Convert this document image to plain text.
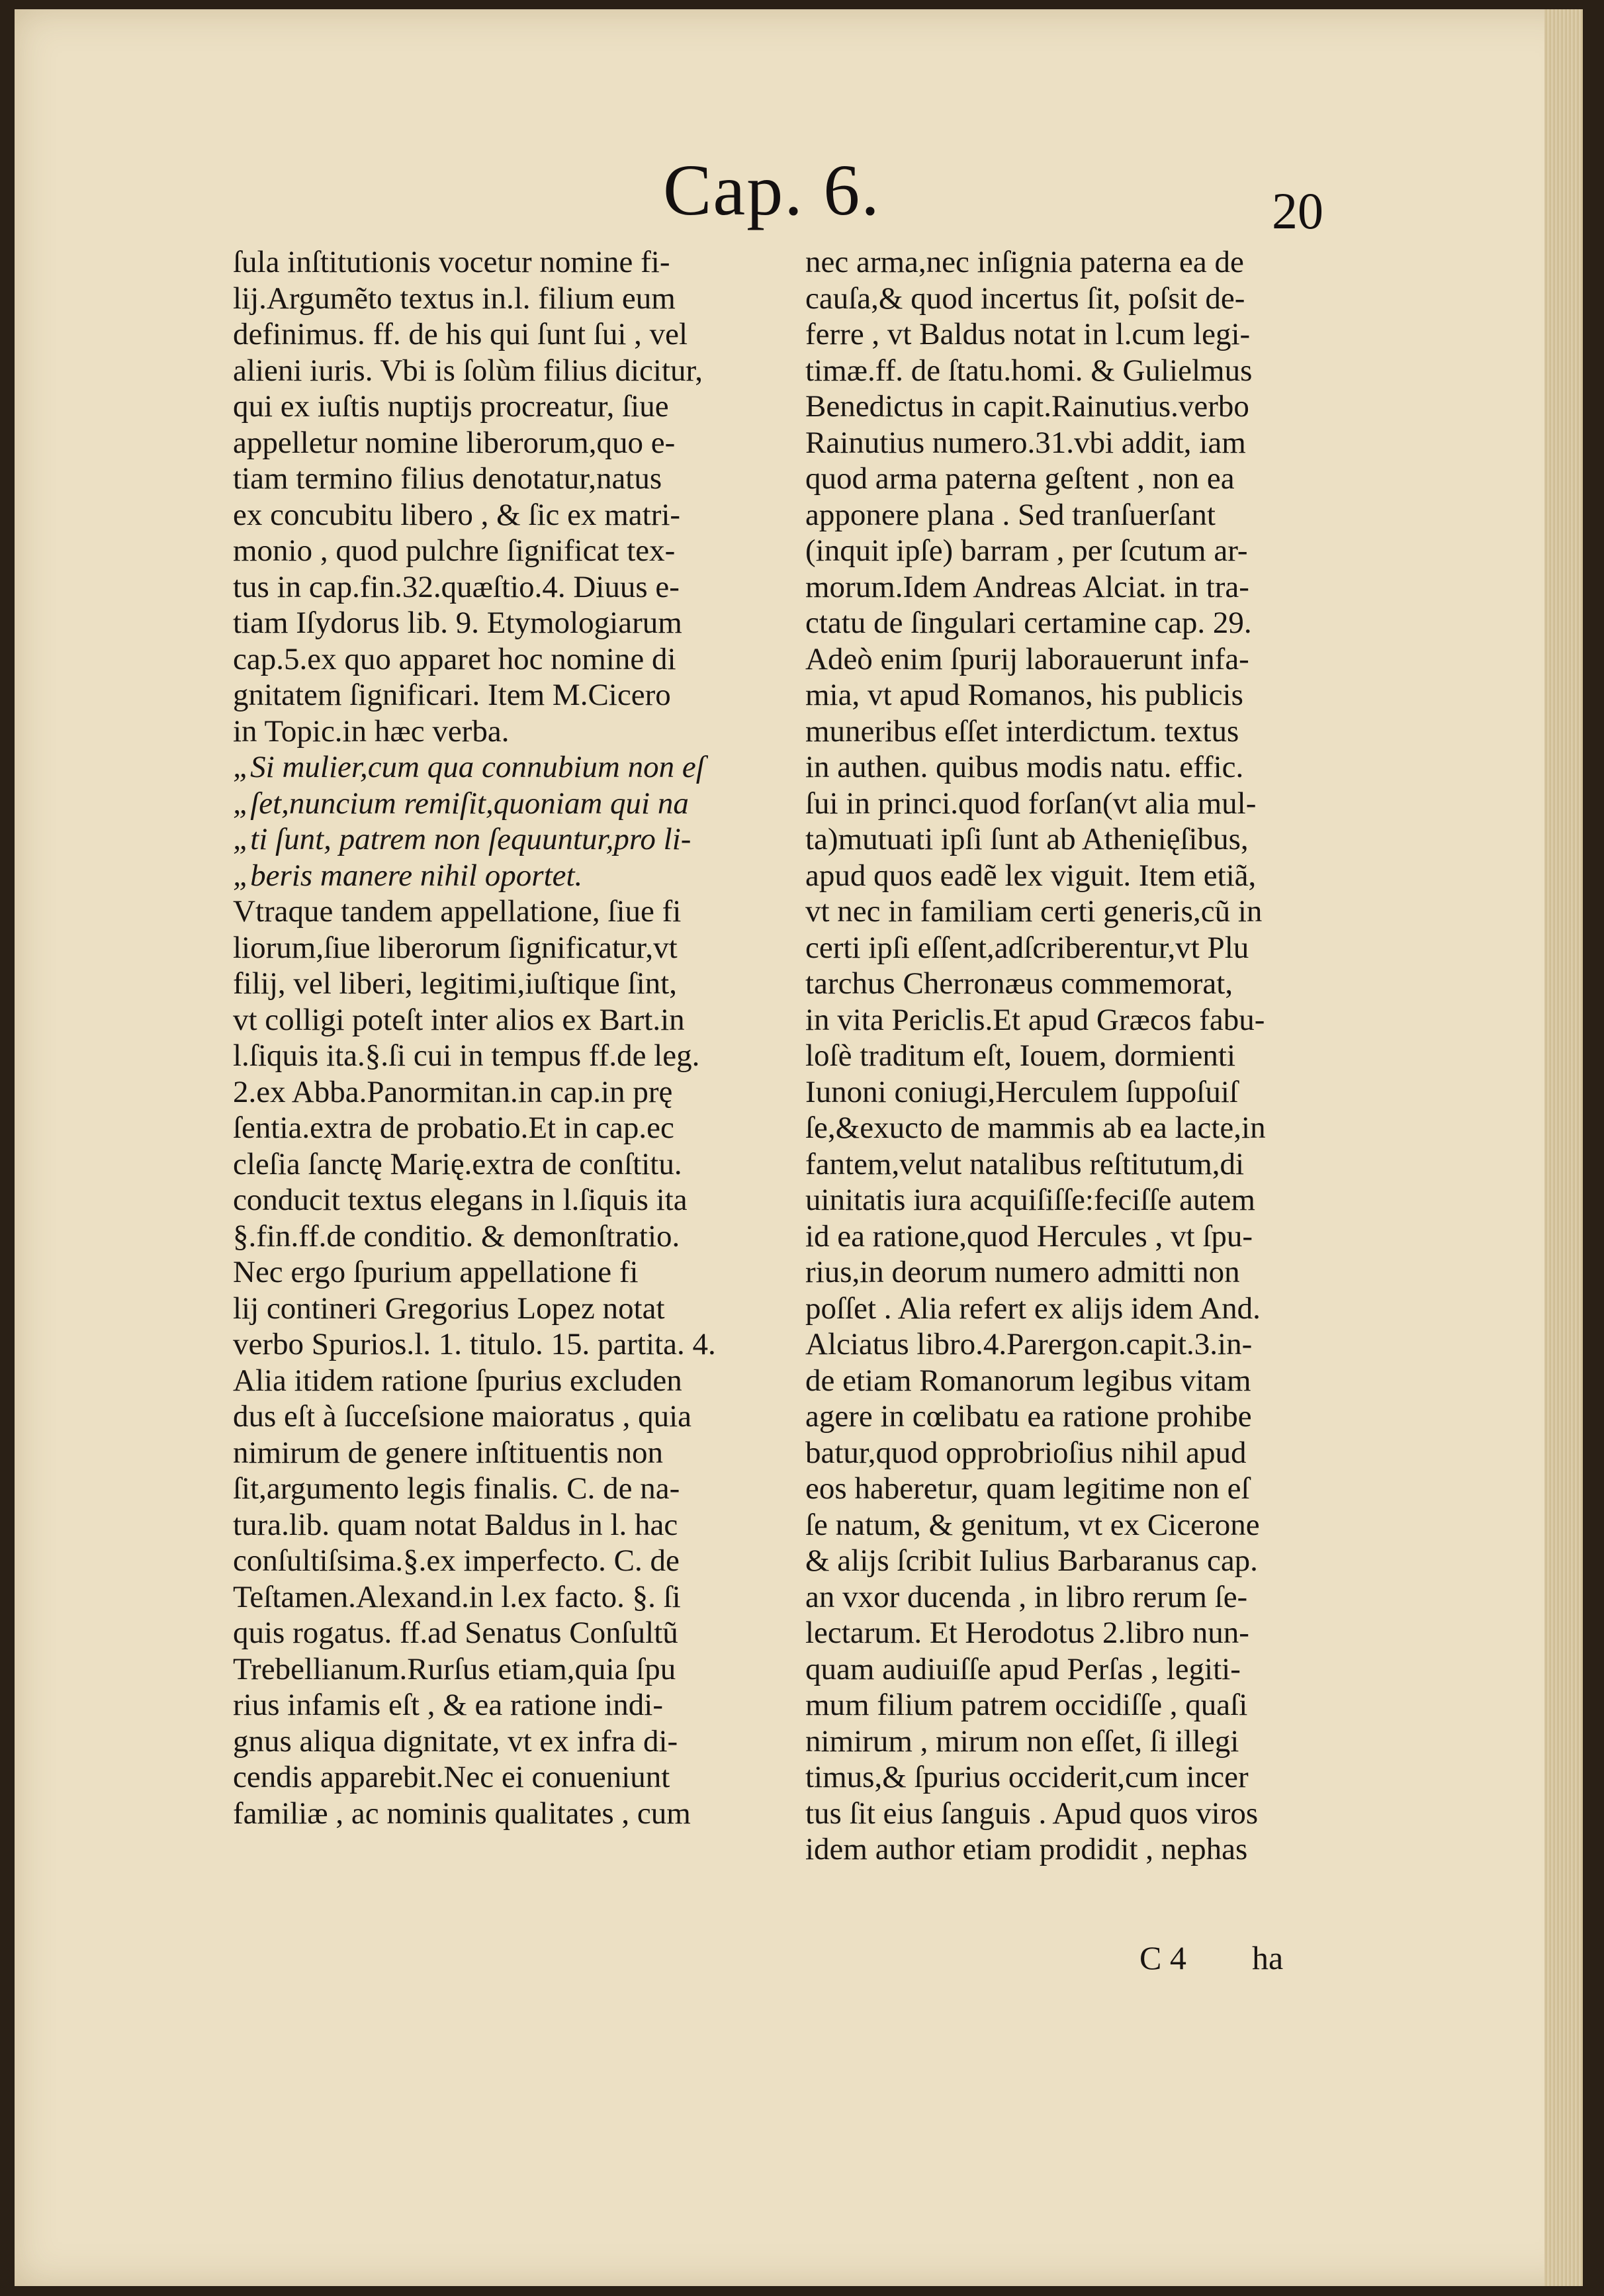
Cap. 6.	20
ſula inſtitutionis vocetur nomine fi-
lij.Argumẽto textus in.l. filium eum
definimus. ff. de his qui ſunt ſui , vel
alieni iuris. Vbi is ſolùm filius dicitur,
qui ex iuſtis nuptijs procreatur, ſiue
appelletur nomine liberorum,quo e-
tiam termino filius denotatur,natus
ex concubitu libero , & ſic ex matri-
monio , quod pulchre ſignificat tex-
tus in cap.fin.32.quæſtio.4. Diuus e-
tiam Iſydorus lib. 9. Etymologiarum
cap.5.ex quo apparet hoc nomine di
gnitatem ſignificari. Item M.Cicero
in Topic.in hæc verba.
„Si mulier,cum qua connubium non eſ
„ſet,nuncium remiſit,quoniam qui na
„ti ſunt, patrem non ſequuntur,pro li-
„beris manere nihil oportet.
Vtraque tandem appellatione, ſiue fi
liorum,ſiue liberorum ſignificatur,vt
filij, vel liberi, legitimi,iuſtique ſint,
vt colligi poteſt inter alios ex Bart.in
l.ſiquis ita.§.ſi cui in tempus ff.de leg.
2.ex Abba.Panormitan.in cap.in prę
ſentia.extra de probatio.Et in cap.ec
cleſia ſanctę Marię.extra de conſtitu.
conducit textus elegans in l.ſiquis ita
§.fin.ff.de conditio. & demonſtratio.
Nec ergo ſpurium appellatione fi
lij contineri Gregorius Lopez notat
verbo Spurios.l. 1. titulo. 15. partita. 4.
Alia itidem ratione ſpurius excluden
dus eſt à ſucceſsione maioratus , quia
nimirum de genere inſtituentis non
ſit,argumento legis finalis. C. de na-
tura.lib. quam notat Baldus in l. hac
conſultiſsima.§.ex imperfecto. C. de
Teſtamen.Alexand.in l.ex facto. §. ſi
quis rogatus. ff.ad Senatus Conſultũ
Trebellianum.Rurſus etiam,quia ſpu
rius infamis eſt , & ea ratione indi-
gnus aliqua dignitate, vt ex infra di-
cendis apparebit.Nec ei conueniunt
familiæ , ac nominis qualitates , cum
nec arma,nec inſignia paterna ea de
cauſa,& quod incertus ſit, poſsit de-
ferre , vt Baldus notat in l.cum legi-
timæ.ff. de ſtatu.homi. & Gulielmus
Benedictus in capit.Rainutius.verbo
Rainutius numero.31.vbi addit, iam
quod arma paterna geſtent , non ea
apponere plana . Sed tranſuerſant
(inquit ipſe) barram , per ſcutum ar-
morum.Idem Andreas Alciat. in tra-
ctatu de ſingulari certamine cap. 29.
Adeò enim ſpurij laborauerunt infa-
mia, vt apud Romanos, his publicis
muneribus eſſet interdictum. textus
in authen. quibus modis natu. effic.
ſui in princi.quod forſan(vt alia mul-
ta)mutuati ipſi ſunt ab Athenięſibus,
apud quos eadẽ lex viguit. Item etiã,
vt nec in familiam certi generis,cũ in
certi ipſi eſſent,adſcriberentur,vt Plu
tarchus Cherronæus commemorat,
in vita Periclis.Et apud Græcos fabu-
loſè traditum eſt, Iouem, dormienti
Iunoni coniugi,Herculem ſuppoſuiſ
ſe,&exucto de mammis ab ea lacte,in
fantem,velut natalibus reſtitutum,di
uinitatis iura acquiſiſſe:feciſſe autem
id ea ratione,quod Hercules , vt ſpu-
rius,in deorum numero admitti non
poſſet . Alia refert ex alijs idem And.
Alciatus libro.4.Parergon.capit.3.in-
de etiam Romanorum legibus vitam
agere in cœlibatu ea ratione prohibe
batur,quod opprobrioſius nihil apud
eos haberetur, quam legitime non eſ
ſe natum, & genitum, vt ex Cicerone
& alijs ſcribit Iulius Barbaranus cap.
an vxor ducenda , in libro rerum ſe-
lectarum. Et Herodotus 2.libro nun-
quam audiuiſſe apud Perſas , legiti-
mum filium patrem occidiſſe , quaſi
nimirum , mirum non eſſet, ſi illegi
timus,& ſpurius occiderit,cum incer
tus ſit eius ſanguis . Apud quos viros
idem author etiam prodidit , nephas
C 4 ha
